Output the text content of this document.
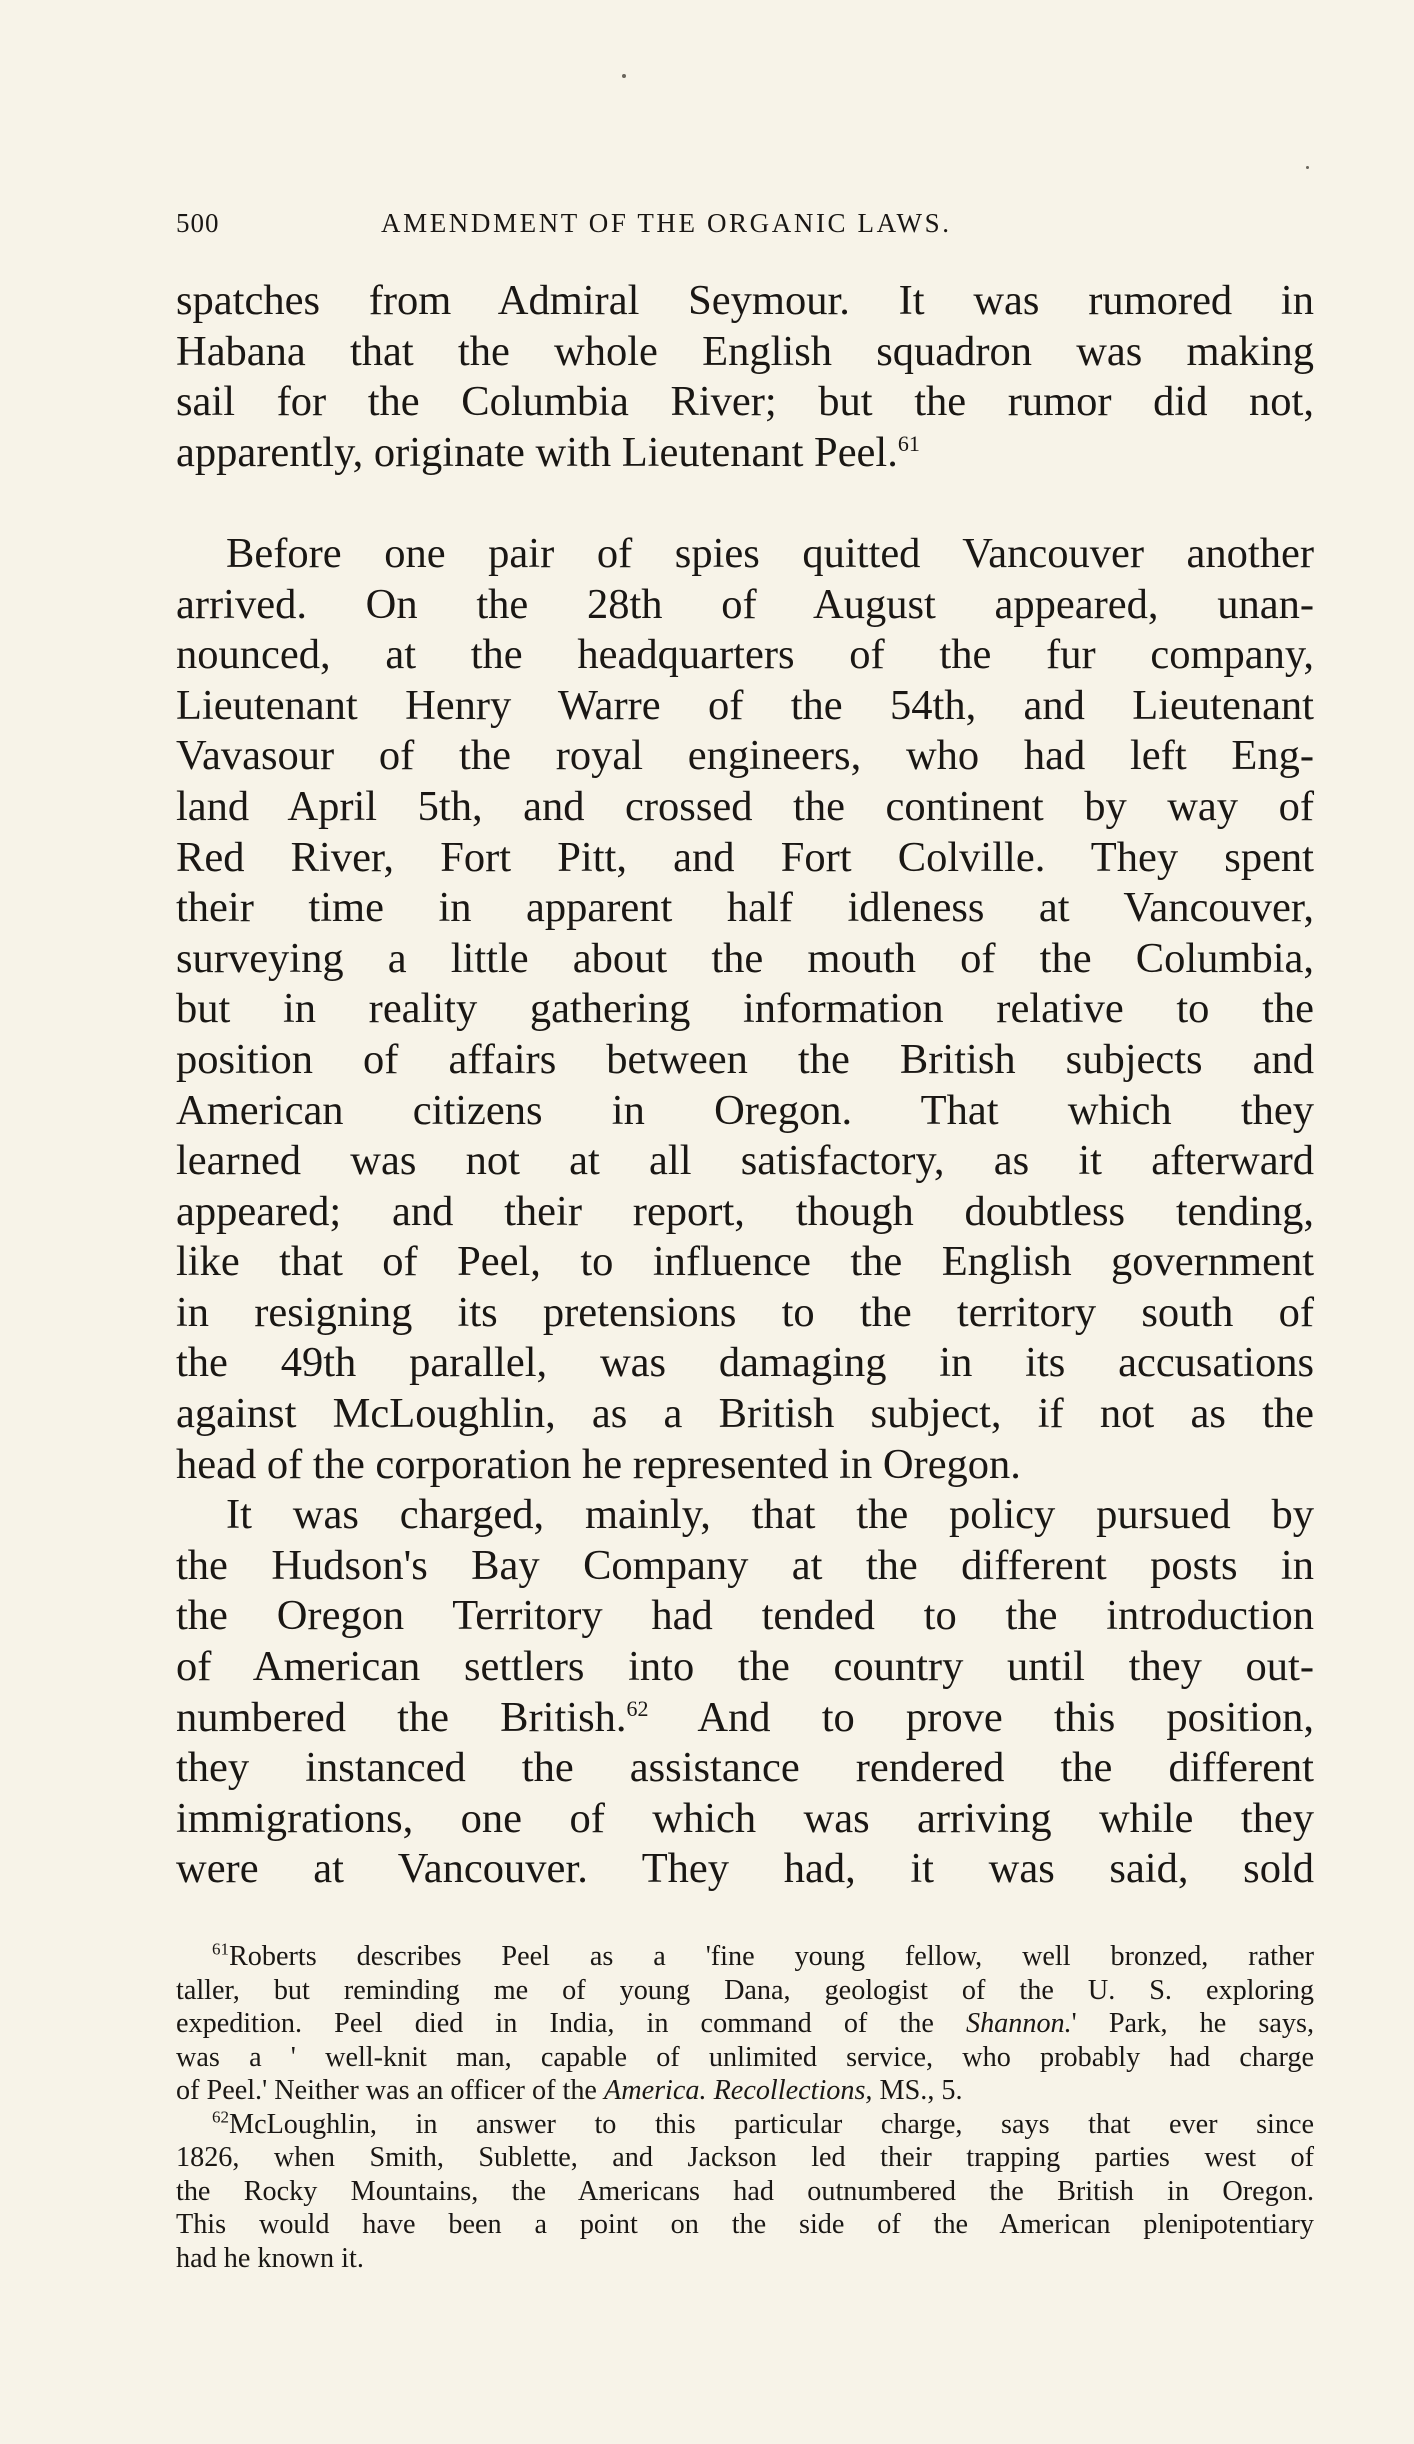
500	AMENDMENT OF THE ORGANIC LAWS.
spatches from Admiral Seymour. It was rumored in
Habana that the whole English squadron was making
sail for the Columbia River; but the rumor did not,
apparently, originate with Lieutenant Peel.$^{61}$
Before one pair of spies quitted Vancouver another
arrived. On the 28th of August appeared, unan-
nounced, at the headquarters of the fur company,
Lieutenant Henry Warre of the 54th, and Lieutenant
Vavasour of the royal engineers, who had left Eng-
land April 5th, and crossed the continent by way of
Red River, Fort Pitt, and Fort Colville. They spent
their time in apparent half idleness at Vancouver,
surveying a little about the mouth of the Columbia,
but in reality gathering information relative to the
position of affairs between the British subjects and
American citizens in Oregon. That which they
learned was not at all satisfactory, as it afterward
appeared; and their report, though doubtless tending,
like that of Peel, to influence the English government
in resigning its pretensions to the territory south of
the 49th parallel, was damaging in its accusations
against McLoughlin, as a British subject, if not as the
head of the corporation he represented in Oregon.
It was charged, mainly, that the policy pursued by
the Hudson's Bay Company at the different posts in
the Oregon Territory had tended to the introduction
of American settlers into the country until they out-
numbered the British.$^{62}$ And to prove this position,
they instanced the assistance rendered the different
immigrations, one of which was arriving while they
were at Vancouver. They had, it was said, sold
$^{61}$Roberts describes Peel as a 'fine young fellow, well bronzed, rather
taller, but reminding me of young Dana, geologist of the U. S. exploring
expedition. Peel died in India, in command of the Shannon.' Park, he says,
was a ' well-knit man, capable of unlimited service, who probably had charge
of Peel.' Neither was an officer of the America. Recollections, MS., 5.
$^{62}$McLoughlin, in answer to this particular charge, says that ever since
1826, when Smith, Sublette, and Jackson led their trapping parties west of
the Rocky Mountains, the Americans had outnumbered the British in Oregon.
This would have been a point on the side of the American plenipotentiary
had he known it.
